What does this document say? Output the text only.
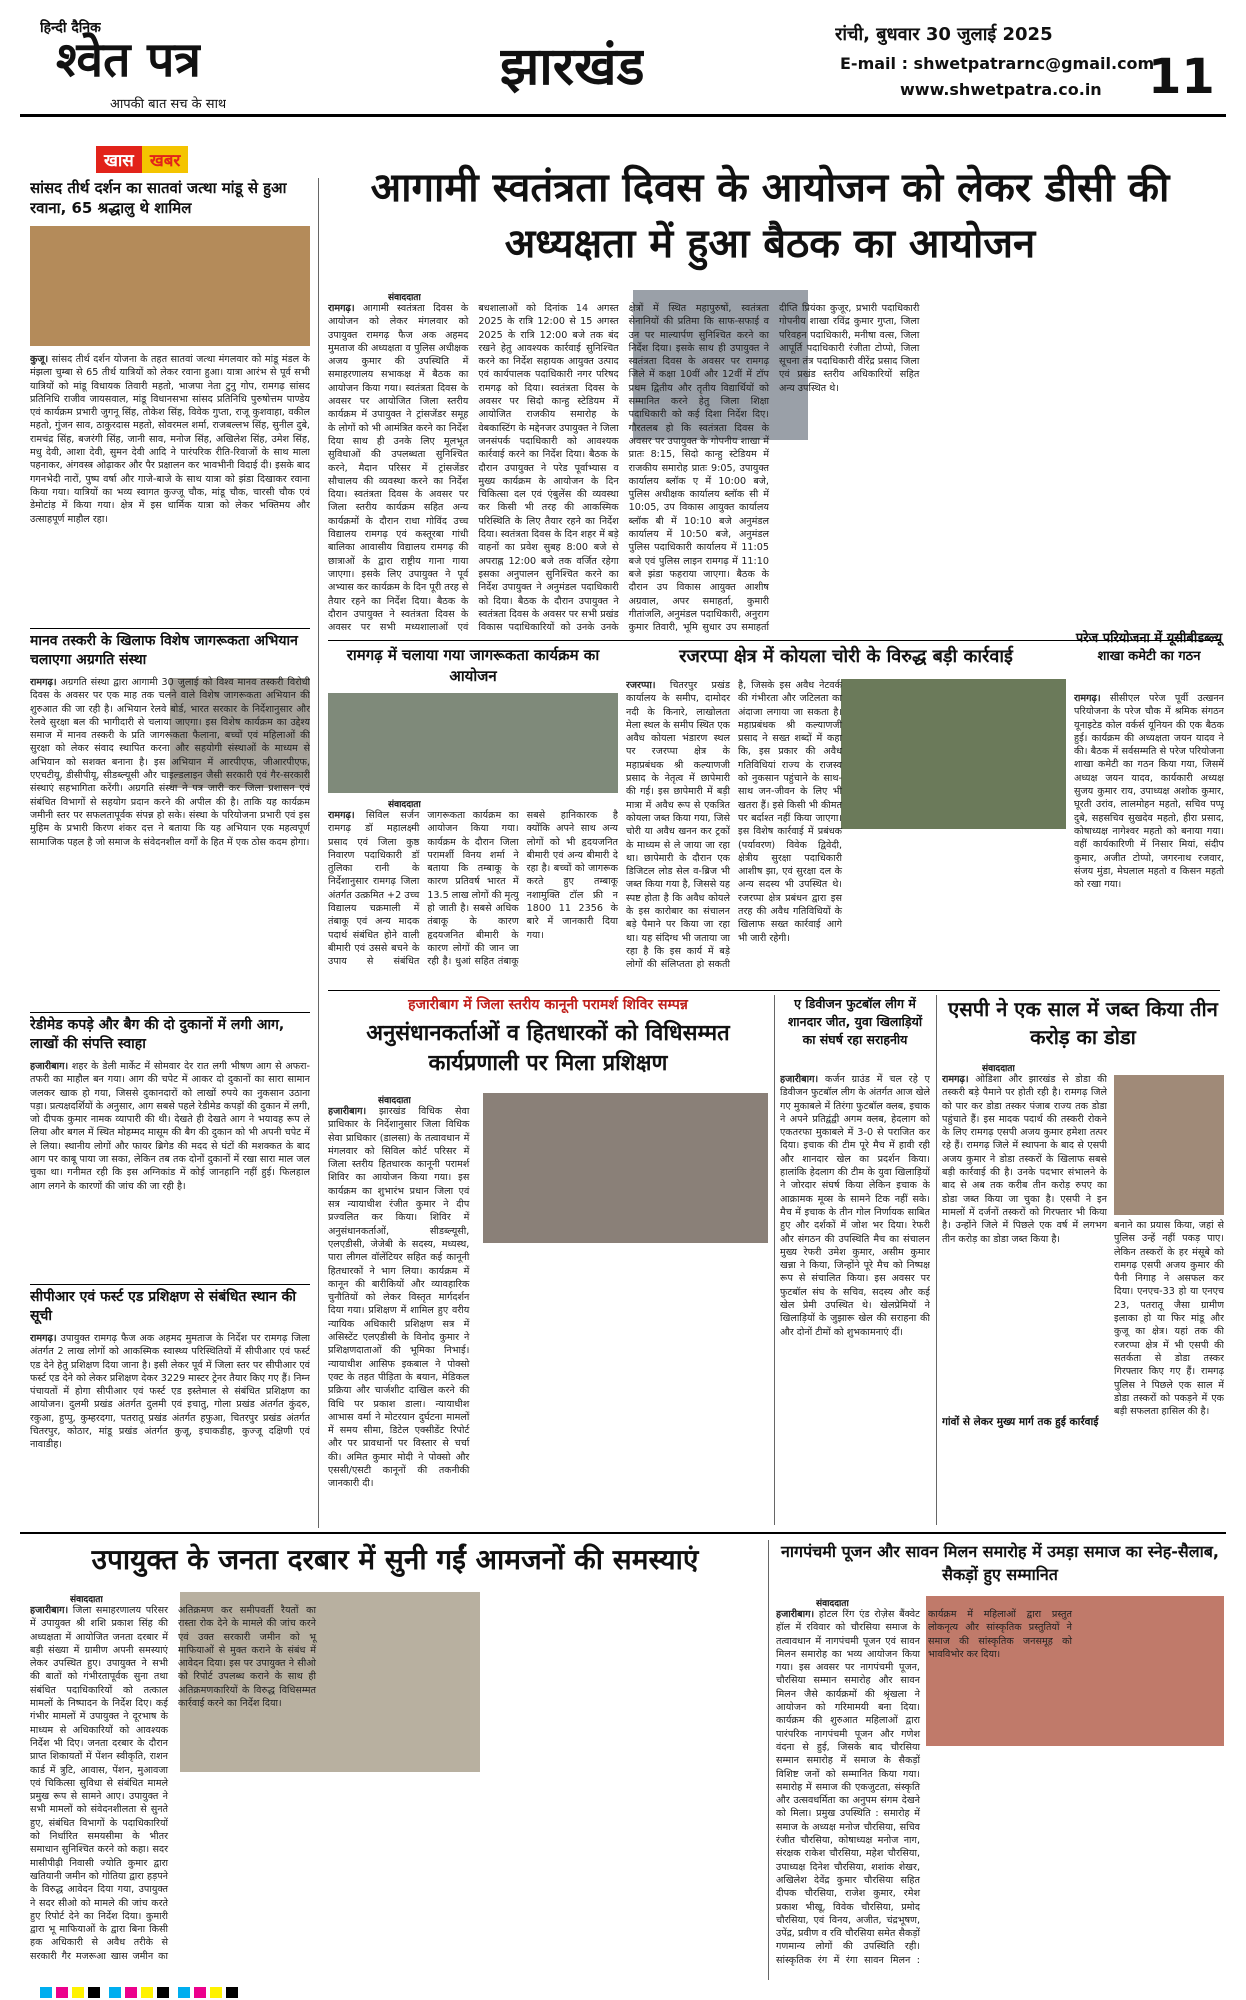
हिन्दी दैनिक
श्वेत पत्र
आपकी बात सच के साथ
झारखंड
रांची, बुधवार 30 जुलाई 2025
E-mail : shwetpatrarnc@gmail.com
www.shwetpatra.co.in 11
खास खबर
आगामी स्वतंत्रता दिवस के आयोजन को लेकर डीसी की अध्यक्षता में हुआ बैठक का आयोजन
सांसद तीर्थ दर्शन का सातवां जत्था मांडू से हुआ रवाना, 65 श्रद्धालु थे शामिल
कुजू। सांसद तीर्थ दर्शन योजना के तहत सातवां जत्था मंगलवार को मांडू मंडल के मंझला चुम्बा से 65 तीर्थ यात्रियों को लेकर रवाना हुआ। यात्रा आरंभ से पूर्व सभी यात्रियों को मांडू विधायक तिवारी महतो, भाजपा नेता टुनु गोप, रामगढ़ सांसद प्रतिनिधि राजीव जायसवाल, मांडू विधानसभा सांसद प्रतिनिधि पुरुषोत्तम पाण्डेय एवं कार्यक्रम प्रभारी जुगनू सिंह, तोकेश सिंह, विवेक गुप्ता, राजू कुशवाहा, वकील महतो, गुंजन साव, ठाकुरदास महतो, सोवरमल शर्मा, राजबल्लभ सिंह, सुनील दुबे, रामचंद्र सिंह, बजरंगी सिंह, जानी साव, मनोज सिंह, अखिलेश सिंह, उमेश सिंह, मधु देवी, आशा देवी, सुमन देवी आदि ने पारंपरिक रीति-रिवाजों के साथ माला पहनाकर, अंगवस्त्र ओढ़ाकर और पैर प्रक्षालन कर भावभीनी विदाई दी। इसके बाद गगनभेदी नारों, पुष्प वर्षा और गाजे-बाजे के साथ यात्रा को झंडा दिखाकर रवाना किया गया। यात्रियों का भव्य स्वागत कुज्जू चौक, मांडू चौक, चारसी चौक एवं डेमोटांड़ में किया गया। क्षेत्र में इस धार्मिक यात्रा को लेकर भक्तिमय और उत्साहपूर्ण माहौल रहा।
मानव तस्करी के खिलाफ विशेष जागरूकता अभियान चलाएगा अग्रगति संस्था
रामगढ़। अग्रगति संस्था द्वारा आगामी 30 जुलाई को विश्व मानव तस्करी विरोधी दिवस के अवसर पर एक माह तक चलने वाले विशेष जागरूकता अभियान की शुरुआत की जा रही है। अभियान रेलवे बोर्ड, भारत सरकार के निर्देशानुसार और रेलवे सुरक्षा बल की भागीदारी से चलाया जाएगा। इस विशेष कार्यक्रम का उद्देश्य समाज में मानव तस्करी के प्रति जागरूकता फैलाना, बच्चों एवं महिलाओं की सुरक्षा को लेकर संवाद स्थापित करना और सहयोगी संस्थाओं के माध्यम से अभियान को सशक्त बनाना है। इस अभियान में आरपीएफ, जीआरपीएफ, एएचटीयू, डीसीपीयू, सीडब्ल्यूसी और चाइल्डलाइन जैसी सरकारी एवं गैर-सरकारी संस्थाएं सहभागिता करेंगी। अग्रगति संस्था ने पत्र जारी कर जिला प्रशासन एवं संबंधित विभागों से सहयोग प्रदान करने की अपील की है। ताकि यह कार्यक्रम जमीनी स्तर पर सफलतापूर्वक संपन्न हो सके। संस्था के परियोजना प्रभारी एवं इस मुहिम के प्रभारी किरण शंकर दत्त ने बताया कि यह अभियान एक महत्वपूर्ण सामाजिक पहल है जो समाज के संवेदनशील वर्गों के हित में एक ठोस कदम होगा।
रेडीमेड कपड़े और बैग की दो दुकानों में लगी आग, लाखों की संपत्ति स्वाहा
हजारीबाग। शहर के डेली मार्केट में सोमवार देर रात लगी भीषण आग से अफरा-तफरी का माहौल बन गया। आग की चपेट में आकर दो दुकानों का सारा सामान जलकर खाक हो गया, जिससे दुकानदारों को लाखों रुपये का नुकसान उठाना पड़ा। प्रत्यक्षदर्शियों के अनुसार, आग सबसे पहले रेडीमेड कपड़ों की दुकान में लगी, जो दीपक कुमार नामक व्यापारी की थी। देखते ही देखते आग ने भयावह रूप ले लिया और बगल में स्थित मोहम्मद मासूम की बैग की दुकान को भी अपनी चपेट में ले लिया। स्थानीय लोगों और फायर ब्रिगेड की मदद से घंटों की मशक्कत के बाद आग पर काबू पाया जा सका, लेकिन तब तक दोनों दुकानों में रखा सारा माल जल चुका था। गनीमत रही कि इस अग्निकांड में कोई जानहानि नहीं हुई। फिलहाल आग लगने के कारणों की जांच की जा रही है।
सीपीआर एवं फर्स्ट एड प्रशिक्षण से संबंधित स्थान की सूची
रामगढ़। उपायुक्त रामगढ़ फैज अक अहमद मुमताज के निर्देश पर रामगढ़ जिला अंतर्गत 2 लाख लोगों को आकस्मिक स्वास्थ्य परिस्थितियों में सीपीआर एवं फर्स्ट एड देने हेतु प्रशिक्षण दिया जाना है। इसी लेकर पूर्व में जिला स्तर पर सीपीआर एवं फर्स्ट एड देने को लेकर प्रशिक्षण देकर 3229 मास्टर ट्रेनर तैयार किए गए हैं। निम्न पंचायतों में होगा सीपीआर एवं फर्स्ट एड इस्तेमाल से संबंधित प्रशिक्षण का आयोजन। दुलमी प्रखंड अंतर्गत दुलमी एवं इचातु, गोला प्रखंड अंतर्गत कुंदरु, रकुआ, हुप्पु, कुम्हरदगा, पतरातू प्रखंड अंतर्गत हफुआ, चितरपुर प्रखंड अंतर्गत चितरपुर, कोठार, मांडू प्रखंड अंतर्गत कुजू, इचाकडीह, कुज्जू दक्षिणी एवं नावाडीह।
संवाददाता
रामगढ़। आगामी स्वतंत्रता दिवस के आयोजन को लेकर मंगलवार को उपायुक्त रामगढ़ फैज अक अहमद मुमताज की अध्यक्षता व पुलिस अधीक्षक अजय कुमार की उपस्थिति में समाहरणालय सभाकक्ष में बैठक का आयोजन किया गया। स्वतंत्रता दिवस के अवसर पर आयोजित जिला स्तरीय कार्यक्रम में उपायुक्त ने ट्रांसजेंडर समूह के लोगों को भी आमंत्रित करने का निर्देश दिया साथ ही उनके लिए मूलभूत सुविधाओं की उपलब्धता सुनिश्चित करने, मैदान परिसर में ट्रांसजेंडर सौचालय की व्यवस्था करने का निर्देश दिया। स्वतंत्रता दिवस के अवसर पर जिला स्तरीय कार्यक्रम सहित अन्य कार्यक्रमों के दौरान राधा गोविंद उच्च विद्यालय रामगढ़ एवं कस्तूरबा गांधी बालिका आवासीय विद्यालय रामगढ़ की छात्राओं के द्वारा राष्ट्रीय गाना गाया जाएगा। इसके लिए उपायुक्त ने पूर्व अभ्यास कर कार्यक्रम के दिन पूरी तरह से तैयार रहने का निर्देश दिया। बैठक के दौरान उपायुक्त ने स्वतंत्रता दिवस के अवसर पर सभी मध्यशालाओं एवं बधशालाओं को दिनांक 14 अगस्त 2025 के रात्रि 12:00 से 15 अगस्त 2025 के रात्रि 12:00 बजे तक बंद रखने हेतु आवश्यक कार्रवाई सुनिश्चित करने का निर्देश सहायक आयुक्त उत्पाद एवं कार्यपालक पदाधिकारी नगर परिषद रामगढ़ को दिया। स्वतंत्रता दिवस के अवसर पर सिदो कान्हु स्टेडियम में आयोजित राजकीय समारोह के वेबकास्टिंग के मद्देनजर उपायुक्त ने जिला जनसंपर्क पदाधिकारी को आवश्यक कार्रवाई करने का निर्देश दिया। बैठक के दौरान उपायुक्त ने परेड पूर्वाभ्यास व मुख्य कार्यक्रम के आयोजन के दिन चिकित्सा दल एवं एंबुलेंस की व्यवस्था कर किसी भी तरह की आकस्मिक परिस्थिति के लिए तैयार रहने का निर्देश दिया। स्वतंत्रता दिवस के दिन शहर में बड़े वाहनों का प्रवेश सुबह 8:00 बजे से अपराह्न 12:00 बजे तक वर्जित रहेगा इसका अनुपालन सुनिश्चित करने का निर्देश उपायुक्त ने अनुमंडल पदाधिकारी को दिया। बैठक के दौरान उपायुक्त ने स्वतंत्रता दिवस के अवसर पर सभी प्रखंड विकास पदाधिकारियों को उनके उनके क्षेत्रों में स्थित महापुरुषों, स्वतंत्रता सेनानियों की प्रतिमा कि साफ-सफाई व उन पर माल्यार्पण सुनिश्चित करने का निर्देश दिया। इसके साथ ही उपायुक्त ने स्वतंत्रता दिवस के अवसर पर रामगढ़ जिले में कक्षा 10वीं और 12वीं में टॉप प्रथम द्वितीय और तृतीय विद्यार्थियों को सम्मानित करने हेतु जिला शिक्षा पदाधिकारी को कई दिशा निर्देश दिए। गौरतलब हो कि स्वतंत्रता दिवस के अवसर पर उपायुक्त के गोपनीय शाखा में प्रातः 8:15, सिदो कान्हु स्टेडियम में राजकीय समारोह प्रातः 9:05, उपायुक्त कार्यालय ब्लॉक ए में 10:00 बजे, पुलिस अधीक्षक कार्यालय ब्लॉक सी में 10:05, उप विकास आयुक्त कार्यालय ब्लॉक बी में 10:10 बजे अनुमंडल कार्यालय में 10:50 बजे, अनुमंडल पुलिस पदाधिकारी कार्यालय में 11:05 बजे एवं पुलिस लाइन रामगढ़ में 11:10 बजे झंडा फहराया जाएगा। बैठक के दौरान उप विकास आयुक्त आशीष अग्रवाल, अपर समाहर्ता, कुमारी गीतांजलि, अनुमंडल पदाधिकारी, अनुराग कुमार तिवारी, भूमि सुधार उप समाहर्ता दीप्ति प्रियंका कुजूर, प्रभारी पदाधिकारी गोपनीय शाखा रविंद्र कुमार गुप्ता, जिला परिवहन पदाधिकारी, मनीषा वत्स, जिला आपूर्ति पदाधिकारी रंजीता टोप्पो, जिला सूचना तंत्र पदाधिकारी वीरेंद्र प्रसाद जिला एवं प्रखंड स्तरीय अधिकारियों सहित अन्य उपस्थित थे।
रामगढ़ में चलाया गया जागरूकता कार्यक्रम का आयोजन
संवाददाता
रामगढ़। सिविल सर्जन रामगढ़ डॉ महालक्ष्मी प्रसाद एवं जिला कुष्ठ निवारण पदाधिकारी डॉ तुलिका रानी के निर्देशानुसार रामगढ़ जिला अंतर्गत उत्क्रमित +2 उच्च विद्यालय चक्रमाली में तंबाकू एवं अन्य मादक पदार्थ संबंधित होने वाली बीमारी एवं उससे बचने के उपाय से संबंधित जागरूकता कार्यक्रम का आयोजन किया गया। कार्यक्रम के दौरान जिला परामर्शी विनय शर्मा ने बताया कि तम्बाकू के कारण प्रतिवर्ष भारत में 13.5 लाख लोगों की मृत्यु हो जाती है। सबसे अधिक तंबाकू के कारण हृदयजनित बीमारी के कारण लोगों की जान जा रही है। धुआं सहित तंबाकू सबसे हानिकारक है क्योंकि अपने साथ अन्य लोगों को भी हृदयजनित बीमारी एवं अन्य बीमारी दे रहा है। बच्चों को जागरूक करते हुए तम्बाकू नशामुक्ति टॉल फ्री न 1800 11 2356 के बारे में जानकारी दिया गया।
रजरप्पा क्षेत्र में कोयला चोरी के विरुद्ध बड़ी कार्रवाई
रजरप्पा। चितरपुर प्रखंड कार्यालय के समीप, दामोदर नदी के किनारे, लाखोलता मेला स्थल के समीप स्थित एक अवैध कोयला भंडारण स्थल पर रजरप्पा क्षेत्र के महाप्रबंधक श्री कल्याणजी प्रसाद के नेतृत्व में छापेमारी की गई। इस छापेमारी में बड़ी मात्रा में अवैध रूप से एकत्रित कोयला जब्त किया गया, जिसे चोरी या अवैध खनन कर ट्रकों के माध्यम से ले जाया जा रहा था। छापेमारी के दौरान एक डिजिटल लोड सेल व-ब्रिज भी जब्त किया गया है, जिससे यह स्पष्ट होता है कि अवैध कोयले के इस कारोबार का संचालन बड़े पैमाने पर किया जा रहा था। यह संदिग्ध भी जताया जा रहा है कि इस कार्य में बड़े लोगों की संलिप्तता हो सकती है, जिसके इस अवैध नेटवर्क की गंभीरता और जटिलता का अंदाजा लगाया जा सकता है। महाप्रबंधक श्री कल्याणजी प्रसाद ने सख्त शब्दों में कहा कि, इस प्रकार की अवैध गतिविधियां राज्य के राजस्व को नुकसान पहुंचाने के साथ-साथ जन-जीवन के लिए भी खतरा हैं। इसे किसी भी कीमत पर बर्दाश्त नहीं किया जाएगा। इस विशेष कार्रवाई में प्रबंधक (पर्यावरण) विवेक द्विवेदी, क्षेत्रीय सुरक्षा पदाधिकारी आशीष झा, एवं सुरक्षा दल के अन्य सदस्य भी उपस्थित थे। रजरप्पा क्षेत्र प्रबंधन द्वारा इस तरह की अवैध गतिविधियों के खिलाफ सख्त कार्रवाई आगे भी जारी रहेगी।
परेज परियोजना में यूसीबीडब्ल्यू शाखा कमेटी का गठन
रामगढ़। सीसीएल परेज पूर्वी उत्खनन परियोजना के परेज चौक में श्रमिक संगठन यूनाइटेड कोल वर्कर्स यूनियन की एक बैठक हुई। कार्यक्रम की अध्यक्षता जयन यादव ने की। बैठक में सर्वसम्मति से परेज परियोजना शाखा कमेटी का गठन किया गया, जिसमें अध्यक्ष जयन यादव, कार्यकारी अध्यक्ष सुजय कुमार राय, उपाध्यक्ष अशोक कुमार, घूरती उरांव, लालमोहन महतो, सचिव पप्पू दुबे, सहसचिव सुखदेव महतो, हीरा प्रसाद, कोषाध्यक्ष नागेश्वर महतो को बनाया गया। वहीं कार्यकारिणी में निसार मियां, संदीप कुमार, अजीत टोप्पो, जगरनाथ रजवार, संजय मुंडा, मेघलाल महतो व किसन महतो को रखा गया।
हजारीबाग में जिला स्तरीय कानूनी परामर्श शिविर सम्पन्न
अनुसंधानकर्ताओं व हितधारकों को विधिसम्मत कार्यप्रणाली पर मिला प्रशिक्षण
संवाददाता
हजारीबाग। झारखंड विधिक सेवा प्राधिकार के निर्देशानुसार जिला विधिक सेवा प्राधिकार (डालसा) के तत्वावधान में मंगलवार को सिविल कोर्ट परिसर में जिला स्तरीय हितधारक कानूनी परामर्श शिविर का आयोजन किया गया। इस कार्यक्रम का शुभारंभ प्रधान जिला एवं सत्र न्यायाधीश रंजीत कुमार ने दीप प्रज्वलित कर किया। शिविर में अनुसंधानकर्ताओं, सीडब्ल्यूसी, एलएडीसी, जेजेबी के सदस्य, मध्यस्थ, पारा लीगल वॉलेंटियर सहित कई कानूनी हितधारकों ने भाग लिया। कार्यक्रम में कानून की बारीकियों और व्यावहारिक चुनौतियों को लेकर विस्तृत मार्गदर्शन दिया गया। प्रशिक्षण में शामिल हुए वरीय न्यायिक अधिकारी प्रशिक्षण सत्र में असिस्टेंट एलएडीसी के विनोद कुमार ने प्रशिक्षणदाताओं की भूमिका निभाई। न्यायाधीश आसिफ इकबाल ने पोक्सो एक्ट के तहत पीड़िता के बयान, मेडिकल प्रक्रिया और चार्जशीट दाखिल करने की विधि पर प्रकाश डाला। न्यायाधीश आभास वर्मा ने मोटरयान दुर्घटना मामलों में समय सीमा, डिटेल एक्सीडेंट रिपोर्ट और पर प्रावधानों पर विस्तार से चर्चा की। अमित कुमार मोदी ने पोक्सो और एससी/एसटी कानूनों की तकनीकी जानकारी दी।
ए डिवीजन फुटबॉल लीग में शानदार जीत, युवा खिलाड़ियों का संघर्ष रहा सराहनीय
हजारीबाग। कर्जन ग्राउंड में चल रहे ए डिवीजन फुटबॉल लीग के अंतर्गत आज खेले गए मुकाबले में तिरंगा फुटबॉल क्लब, इचाक ने अपने प्रतिद्वंद्वी अगम क्लब, हेदलाग को एकतरफा मुकाबले में 3-0 से पराजित कर दिया। इचाक की टीम पूरे मैच में हावी रही और शानदार खेल का प्रदर्शन किया। हालांकि हेदलाग की टीम के युवा खिलाड़ियों ने जोरदार संघर्ष किया लेकिन इचाक के आक्रामक मूव्स के सामने टिक नहीं सके। मैच में इचाक के तीन गोल निर्णायक साबित हुए और दर्शकों में जोश भर दिया। रेफरी और संगठन की उपस्थिति मैच का संचालन मुख्य रेफरी उमेश कुमार, असीम कुमार खन्ना ने किया, जिन्होंने पूरे मैच को निष्पक्ष रूप से संचालित किया। इस अवसर पर फुटबॉल संघ के सचिव, सदस्य और कई खेल प्रेमी उपस्थित थे। खेलप्रेमियों ने खिलाड़ियों के जुझारू खेल की सराहना की और दोनों टीमों को शुभकामनाएं दीं।
एसपी ने एक साल में जब्त किया तीन करोड़ का डोडा
संवाददाता
रामगढ़। ओडिशा और झारखंड से डोडा की तस्करी बड़े पैमाने पर होती रही है। रामगढ़ जिले को पार कर डोडा तस्कर पंजाब राज्य तक डोडा पहुंचाते हैं। इस मादक पदार्थ की तस्करी रोकने के लिए रामगढ़ एसपी अजय कुमार हमेशा तत्पर रहे हैं। रामगढ़ जिले में स्थापना के बाद से एसपी अजय कुमार ने डोडा तस्करों के खिलाफ सबसे बड़ी कार्रवाई की है। उनके पदभार संभालने के बाद से अब तक करीब तीन करोड़ रुपए का डोडा जब्त किया जा चुका है। एसपी ने इन मामलों में दर्जनों तस्करों को गिरफ्तार भी किया है। उन्होंने जिले में पिछले एक वर्ष में लगभग तीन करोड़ का डोडा जब्त किया है।
गांवों से लेकर मुख्य मार्ग तक हुई कार्रवाई
बनाने का प्रयास किया, जहां से पुलिस उन्हें नहीं पकड़ पाए। लेकिन तस्करों के हर मंसूबे को रामगढ़ एसपी अजय कुमार की पैनी निगाह ने असफल कर दिया। एनएच-33 हो या एनएच 23, पतरातू जैसा ग्रामीण इलाका हो या फिर मांडू और कुजू का क्षेत्र। यहां तक की रजरप्पा क्षेत्र में भी एसपी की सतर्कता से डोडा तस्कर गिरफ्तार किए गए हैं। रामगढ़ पुलिस ने पिछले एक साल में डोडा तस्करों को पकड़ने में एक बड़ी सफलता हासिल की है।
उपायुक्त के जनता दरबार में सुनी गईं आमजनों की समस्याएं
संवाददाता
हजारीबाग। जिला समाहरणालय परिसर में उपायुक्त श्री शशि प्रकाश सिंह की अध्यक्षता में आयोजित जनता दरबार में बड़ी संख्या में ग्रामीण अपनी समस्याएं लेकर उपस्थित हुए। उपायुक्त ने सभी की बातों को गंभीरतापूर्वक सुना तथा संबंधित पदाधिकारियों को तत्काल मामलों के निष्पादन के निर्देश दिए। कई गंभीर मामलों में उपायुक्त ने दूरभाष के माध्यम से अधिकारियों को आवश्यक निर्देश भी दिए। जनता दरबार के दौरान प्राप्त शिकायतों में पेंशन स्वीकृति, राशन कार्ड में त्रुटि, आवास, पेंशन, मुआवजा एवं चिकित्सा सुविधा से संबंधित मामले प्रमुख रूप से सामने आए। उपायुक्त ने सभी मामलों को संवेदनशीलता से सुनते हुए, संबंधित विभागों के पदाधिकारियों को निर्धारित समयसीमा के भीतर समाधान सुनिश्चित करने को कहा। सदर मासीपीढ़ी निवासी ज्योति कुमार द्वारा खतियानी जमीन को गोतिया द्वारा हड़पने के विरुद्ध आवेदन दिया गया, उपायुक्त ने सदर सीओ को मामले की जांच करते हुए रिपोर्ट देने का निर्देश दिया। कुमारी द्वारा भू माफियाओं के द्वारा बिना किसी हक अधिकारी से अवैध तरीके से सरकारी गैर मजरूआ खास जमीन का अतिक्रमण कर समीपवर्ती रैयतों का रास्ता रोक देने के मामले की जांच करने एवं उक्त सरकारी जमीन को भू माफियाओं से मुक्त कराने के संबंध में आवेदन दिया। इस पर उपायुक्त ने सीओ को रिपोर्ट उपलब्ध कराने के साथ ही अतिक्रमणकारियों के विरुद्ध विधिसम्मत कार्रवाई करने का निर्देश दिया।
नागपंचमी पूजन और सावन मिलन समारोह में उमड़ा समाज का स्नेह-सैलाब, सैकड़ों हुए सम्मानित
संवाददाता
हजारीबाग। होटल रिंग एंड रोज़ेस बैंक्वेट हॉल में रविवार को चौरसिया समाज के तत्वावधान में नागपंचमी पूजन एवं सावन मिलन समारोह का भव्य आयोजन किया गया। इस अवसर पर नागपंचमी पूजन, चौरसिया सम्मान समारोह और सावन मिलन जैसे कार्यक्रमों की श्रृंखला ने आयोजन को गरिमामयी बना दिया। कार्यक्रम की शुरुआत महिलाओं द्वारा पारंपरिक नागपंचमी पूजन और गणेश वंदना से हुई, जिसके बाद चौरसिया सम्मान समारोह में समाज के सैकड़ों विशिष्ट जनों को सम्मानित किया गया। समारोह में समाज की एकजुटता, संस्कृति और उत्सवधर्मिता का अनुपम संगम देखने को मिला। प्रमुख उपस्थिति : समारोह में समाज के अध्यक्ष मनोज चौरसिया, सचिव रंजीत चौरसिया, कोषाध्यक्ष मनोज नाग, संरक्षक राकेश चौरसिया, महेश चौरसिया, उपाध्यक्ष दिनेश चौरसिया, शशांक शेखर, अखिलेश देवेंद्र कुमार चौरसिया सहित दीपक चौरसिया, राजेश कुमार, रमेश प्रकाश भीखू, विवेक चौरसिया, प्रमोद चौरसिया, एवं विनय, अजीत, चंद्रभूषण, उपेंद्र, प्रवीण व रवि चौरसिया समेत सैकड़ों गणमान्य लोगों की उपस्थिति रही। सांस्कृतिक रंग में रंगा सावन मिलन : कार्यक्रम में महिलाओं द्वारा प्रस्तुत लोकनृत्य और सांस्कृतिक प्रस्तुतियों ने समाज की सांस्कृतिक जनसमूह को भावविभोर कर दिया।
